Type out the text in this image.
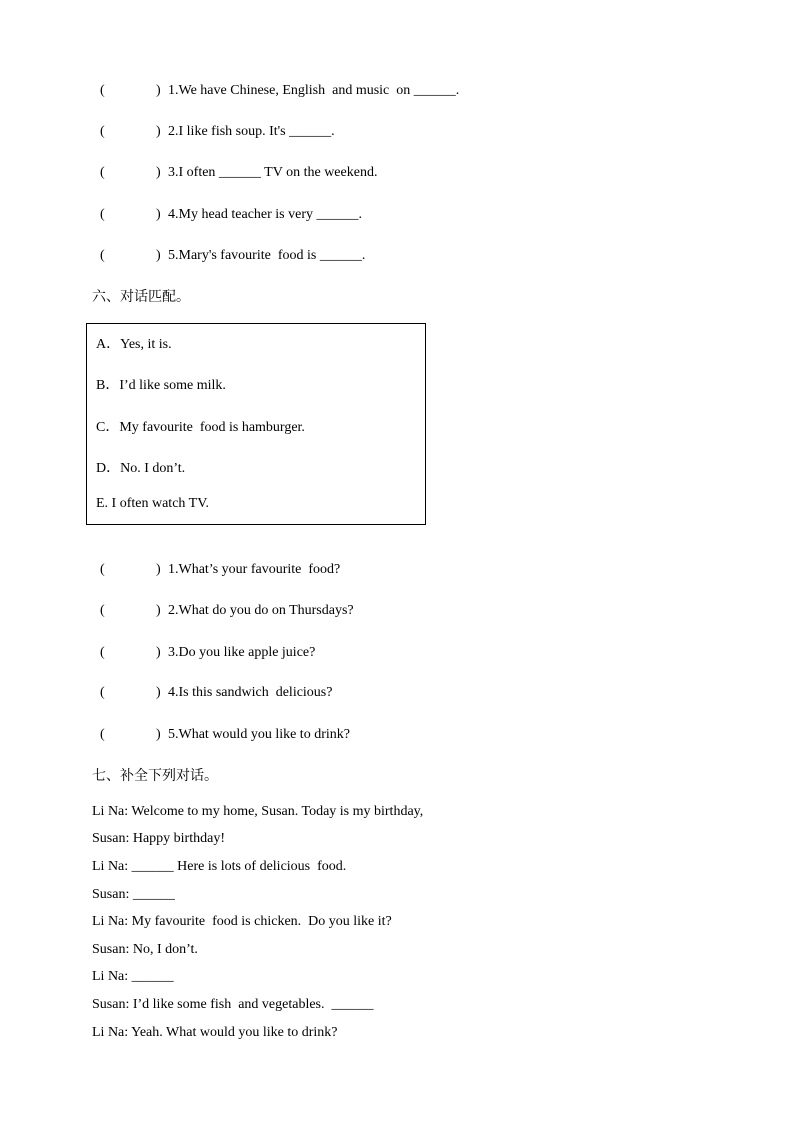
(

	)

1.We have Chinese, English  and music  on ______.

(

	)

2.I like fish soup. It's ______.

(

	)

3.I often ______ TV on the weekend.

(

	)

4.My head teacher is very ______.

(

	)

5.Mary's favourite  food is ______.

六、对话匹配。
A．Yes, it is.
B．I’d like some milk.
C．My favourite  food is hamburger.
D．No. I don’t.
E. I often watch TV.

(

	)

1.What’s your favourite  food?

(

	)

2.What do you do on Thursdays?

(

	)

3.Do you like apple juice?

(

	)

4.Is this sandwich  delicious?

(

	)

5.What would you like to drink?

七、补全下列对话。
Li Na: Welcome to my home, Susan. Today is my birthday,
Susan: Happy birthday!
Li Na: ______ Here is lots of delicious  food.
Susan: ______
Li Na: My favourite  food is chicken.  Do you like it?
Susan: No, I don’t.
Li Na: ______
Susan: I’d like some fish  and vegetables.  ______
Li Na: Yeah. What would you like to drink?
